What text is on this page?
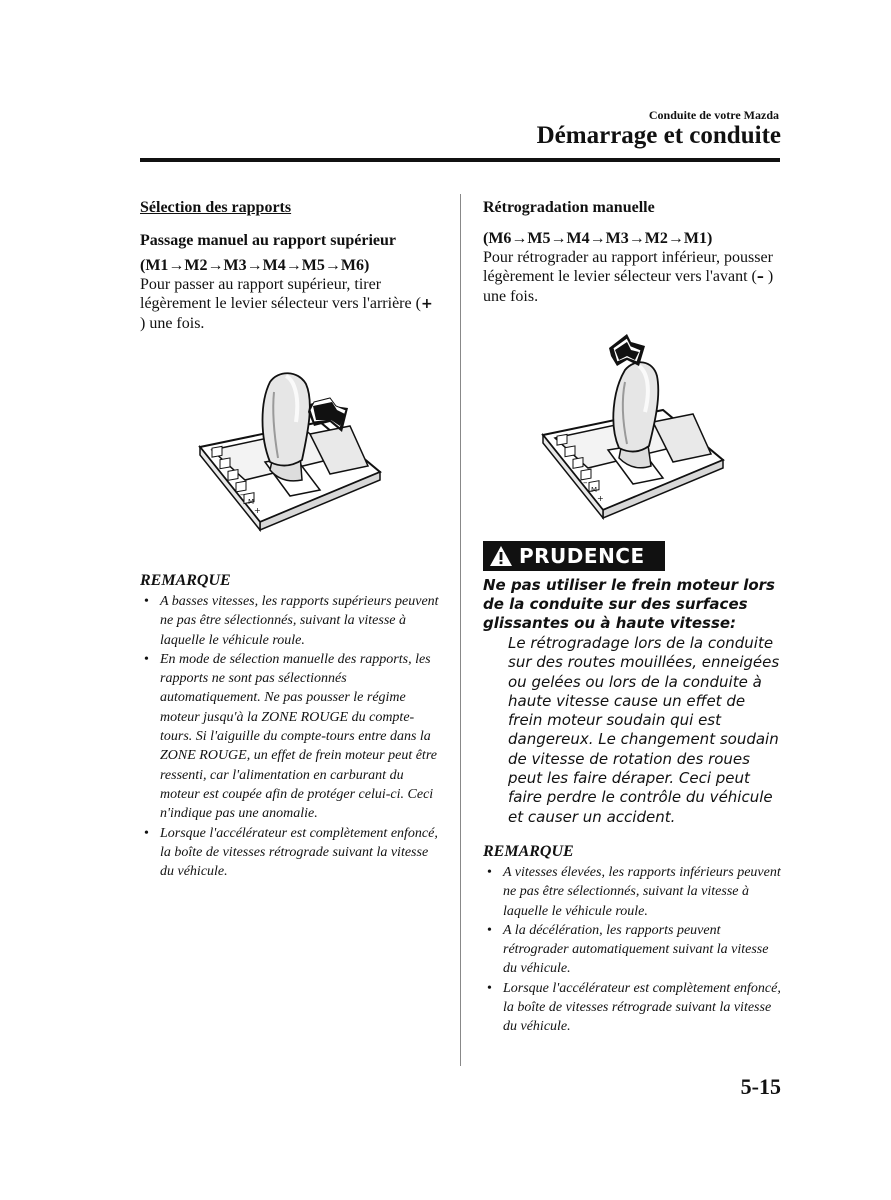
Conduite de votre Mazda
Démarrage et conduite

Sélection des rapports

Passage manuel au rapport supérieur

(M1→M2→M3→M4→M5→M6)

Pour passer au rapport supérieur, tirer légèrement le levier sélecteur vers l'arrière (+ ) une fois.

M
+
–

REMARQUE

• A basses vitesses, les rapports supérieurs peuvent ne pas être sélectionnés, suivant la vitesse à laquelle le véhicule roule.
• En mode de sélection manuelle des rapports, les rapports ne sont pas sélectionnés automatiquement. Ne pas pousser le régime moteur jusqu'à la ZONE ROUGE du compte-tours. Si l'aiguille du compte-tours entre dans la ZONE ROUGE, un effet de frein moteur peut être ressenti, car l'alimentation en carburant du moteur est coupée afin de protéger celui-ci. Ceci n'indique pas une anomalie.
• Lorsque l'accélérateur est complètement enfoncé, la boîte de vitesses rétrograde suivant la vitesse du véhicule.

Rétrogradation manuelle

(M6→M5→M4→M3→M2→M1)

Pour rétrograder au rapport inférieur, pousser légèrement le levier sélecteur vers l'avant (– ) une fois.

M
+
–
PRUDENCE
Ne pas utiliser le frein moteur lors de la conduite sur des surfaces glissantes ou à haute vitesse:
Le rétrogradage lors de la conduite sur des routes mouillées, enneigées ou gelées ou lors de la conduite à haute vitesse cause un effet de frein moteur soudain qui est dangereux. Le changement soudain de vitesse de rotation des roues peut les faire déraper. Ceci peut faire perdre le contrôle du véhicule et causer un accident.

REMARQUE

• A vitesses élevées, les rapports inférieurs peuvent ne pas être sélectionnés, suivant la vitesse à laquelle le véhicule roule.
• A la décélération, les rapports peuvent rétrograder automatiquement suivant la vitesse du véhicule.
• Lorsque l'accélérateur est complètement enfoncé, la boîte de vitesses rétrograde suivant la vitesse du véhicule.
5-15
